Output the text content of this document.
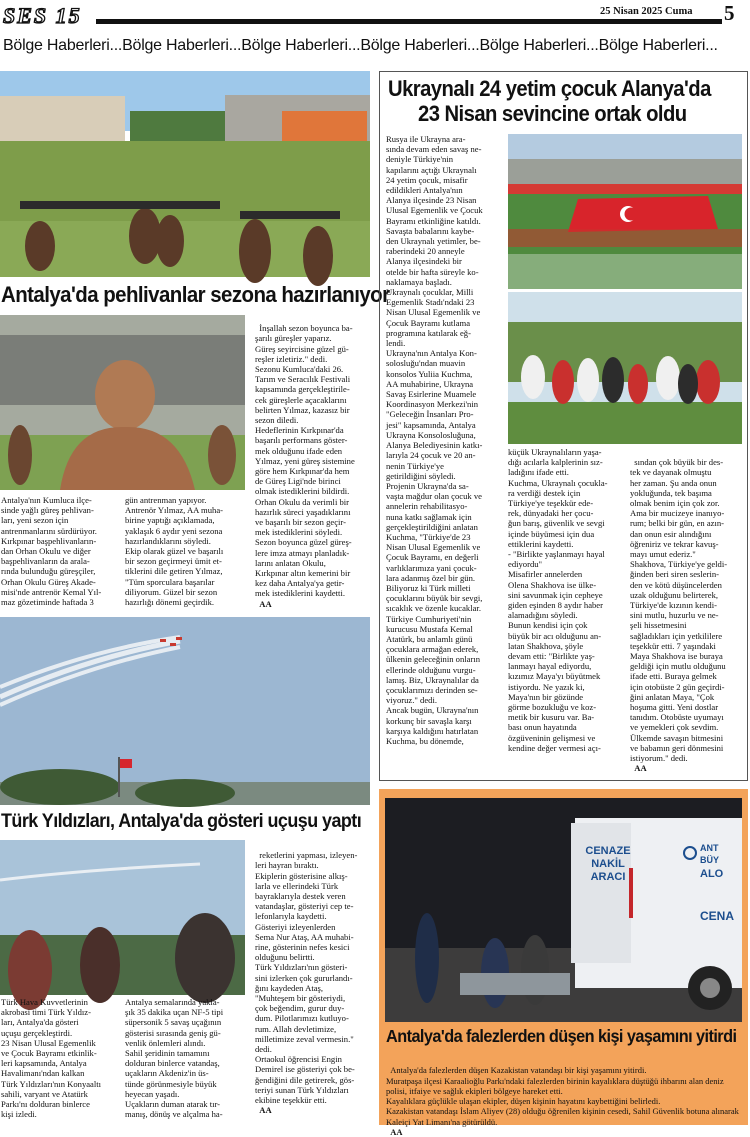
SES 15	25 Nisan 2025 Cuma 5
Bölge Haberleri...Bölge Haberleri...Bölge Haberleri...Bölge Haberleri...Bölge Haberleri...Bölge Haberleri...
Antalya'da pehlivanlar sezona hazırlanıyor
Antalya'nın Kumluca ilçe-
sinde yağlı güreş pehlivan-
ları, yeni sezon için
antrenmanlarını sürdürüyor.
Kırkpınar başpehlivanların-
dan Orhan Okulu ve diğer
başpehlivanların da arala-
rında bulunduğu güreşçiler,
Orhan Okulu Güreş Akade-
misi'nde antrenör Kemal Yıl-
maz gözetiminde haftada 3
gün antrenman yapıyor.
Antrenör Yılmaz, AA muha-
birine yaptığı açıklamada,
yaklaşık 6 aydır yeni sezona
hazırlandıklarını söyledi.
Ekip olarak güzel ve başarılı
bir sezon geçirmeyi ümit et-
tiklerini dile getiren Yılmaz,
"Tüm sporculara başarılar
diliyorum. Güzel bir sezon
hazırlığı dönemi geçirdik.

İnşallah sezon boyunca ba-
şarılı güreşler yaparız.
Güreş seyircisine güzel gü-
reşler izletiriz." dedi.
Sezonu Kumluca'daki 26.
Tarım ve Seracılık Festivali
kapsamında gerçekleştirile-
cek güreşlerle açacaklarını
belirten Yılmaz, kazasız bir
sezon diledi.
Hedeflerinin Kırkpınar'da
başarılı performans göster-
mek olduğunu ifade eden
Yılmaz, yeni güreş sistemine
göre hem Kırkpınar'da hem
de Güreş Ligi'nde birinci
olmak istediklerini bildirdi.
Orhan Okulu da verimli bir
hazırlık süreci yaşadıklarını
ve başarılı bir sezon geçir-
mek istediklerini söyledi.
Sezon boyunca güzel güreş-
lere imza atmayı planladık-
larını anlatan Okulu,
Kırkpınar altın kemerini bir
kez daha Antalya'ya getir-
mek istediklerini kaydetti.
AA

Türk Yıldızları, Antalya'da gösteri uçuşu yaptı
Türk Hava Kuvvetlerinin
akrobasi timi Türk Yıldız-
ları, Antalya'da gösteri
uçuşu gerçekleştirdi.
23 Nisan Ulusal Egemenlik
ve Çocuk Bayramı etkinlik-
leri kapsamında, Antalya
Havalimanı'ndan kalkan
Türk Yıldızları'nın Konyaaltı
sahili, varyant ve Atatürk
Parkı'nı dolduran binlerce
kişi izledi.
Antalya semalarında yakla-
şık 35 dakika uçan NF-5 tipi
süpersonik 5 savaş uçağının
gösterisi sırasında geniş gü-
venlik önlemleri alındı.
Sahil şeridinin tamamını
dolduran binlerce vatandaş,
uçakların Akdeniz'in üs-
tünde görünmesiyle büyük
heyecan yaşadı.
Uçakların duman atarak tır-
manış, dönüş ve alçalma ha-

reketlerini yapması, izleyen-
leri hayran bıraktı.
Ekiplerin gösterisine alkış-
larla ve ellerindeki Türk
bayraklarıyla destek veren
vatandaşlar, gösteriyi cep te-
lefonlarıyla kaydetti.
Gösteriyi izleyenlerden
Sema Nur Ataş, AA muhabi-
rine, gösterinin nefes kesici
olduğunu belirtti.
Türk Yıldızları'nın gösteri-
sini izlerken çok gururlandı-
ğını kaydeden Ataş,
"Muhteşem bir gösteriydi,
çok beğendim, gurur duy-
dum. Pilotlarımızı kutluyo-
rum. Allah devletimize,
milletimize zeval vermesin."
dedi.
Ortaokul öğrencisi Engin
Demirel ise gösteriyi çok be-
ğendiğini dile getirerek, gös-
teriyi sunan Türk Yıldızları
ekibine teşekkür etti.
AA

Ukraynalı 24 yetim çocuk Alanya'da
23 Nisan sevincine ortak oldu
Rusya ile Ukrayna ara-
sında devam eden savaş ne-
deniyle Türkiye'nin
kapılarını açtığı Ukraynalı
24 yetim çocuk, misafir
edildikleri Antalya'nın
Alanya ilçesinde 23 Nisan
Ulusal Egemenlik ve Çocuk
Bayramı etkinliğine katıldı.
Savaşta babalarını kaybe-
den Ukraynalı yetimler, be-
raberindeki 20 anneyle
Alanya ilçesindeki bir
otelde bir hafta süreyle ko-
naklamaya başladı.
Ukraynalı çocuklar, Milli
Egemenlik Stadı'ndaki 23
Nisan Ulusal Egemenlik ve
Çocuk Bayramı kutlama
programına katılarak eğ-
lendi.
Ukrayna'nın Antalya Kon-
solosluğu'ndan muavin
konsolos Yuliia Kuchma,
AA muhabirine, Ukrayna
Savaş Esirlerine Muamele
Koordinasyon Merkezi'nin
"Geleceğin İnsanları Pro-
jesi" kapsamında, Antalya
Ukrayna Konsolosluğuna,
Alanya Belediyesinin katkı-
larıyla 24 çocuk ve 20 an-
nenin Türkiye'ye
getirildiğini söyledi.
Projenin Ukrayna'da sa-
vaşta mağdur olan çocuk ve
annelerin rehabilitasyo-
nuna katkı sağlamak için
gerçekleştirildiğini anlatan
Kuchma, "Türkiye'de 23
Nisan Ulusal Egemenlik ve
Çocuk Bayramı, en değerli
varlıklarımıza yani çocuk-
lara adanmış özel bir gün.
Biliyoruz ki Türk milleti
çocuklarını büyük bir sevgi,
sıcaklık ve özenle kucaklar.
Türkiye Cumhuriyeti'nin
kurucusu Mustafa Kemal
Atatürk, bu anlamlı günü
çocuklara armağan ederek,
ülkenin geleceğinin onların
ellerinde olduğunu vurgu-
lamış. Biz, Ukraynalılar da
çocuklarımızı derinden se-
viyoruz." dedi.
Ancak bugün, Ukrayna'nın
korkunç bir savaşla karşı
karşıya kaldığını hatırlatan
Kuchma, bu dönemde,
küçük Ukraynalıların yaşa-
dığı acılarla kalplerinin sız-
ladığını ifade etti.
Kuchma, Ukraynalı çocukla-
ra verdiği destek için
Türkiye'ye teşekkür ede-
rek, dünyadaki her çocu-
ğun barış, güvenlik ve sevgi
içinde büyümesi için dua
ettiklerini kaydetti.
- "Birlikte yaşlanmayı hayal
ediyordu"
Misafirler annelerden
Olena Shakhova ise ülke-
sini savunmak için cepheye
giden eşinden 8 aydır haber
alamadığını söyledi.
Bunun kendisi için çok
büyük bir acı olduğunu an-
latan Shakhova, şöyle
devam etti: "Birlikte yaş-
lanmayı hayal ediyordu,
kızımız Maya'yı büyütmek
istiyordu. Ne yazık ki,
Maya'nın bir gözünde
görme bozukluğu ve koz-
metik bir kusuru var. Ba-
bası onun hayatında
özgüveninin gelişmesi ve
kendine değer vermesi açı-

sından çok büyük bir des-
tek ve dayanak olmuştu
her zaman. Şu anda onun
yokluğunda, tek başıma
olmak benim için çok zor.
Ama bir mucizeye inanıyo-
rum; belki bir gün, en azın-
dan onun esir alındığını
öğreniriz ve tekrar kavuş-
mayı umut ederiz."
Shakhova, Türkiye'ye geldi-
ğinden beri siren seslerin-
den ve kötü düşüncelerden
uzak olduğunu belirterek,
Türkiye'de kızının kendi-
sini mutlu, huzurlu ve ne-
şeli hissetmesini
sağladıkları için yetkililere
teşekkür etti. 7 yaşındaki
Maya Shakhova ise buraya
geldiği için mutlu olduğunu
ifade etti. Buraya gelmek
için otobüste 2 gün geçirdi-
ğini anlatan Maya, "Çok
hoşuma gitti. Yeni dostlar
tanıdım. Otobüste uyumayı
ve yemekleri çok sevdim.
Ülkemde savaşın bitmesini
ve babamın geri dönmesini
istiyorum." dedi.
AA

CENAZE
NAKİL
ARACI
ANT
BÜY
ALO
CENA
Antalya'da falezlerden düşen kişi yaşamını yitirdi

Antalya'da falezlerden düşen Kazakistan vatandaşı bir kişi yaşamını yitirdi.
Muratpaşa ilçesi Karaalioğlu Parkı'ndaki falezlerden birinin kayalıklara düştüğü ihbarını alan deniz polisi, itfaiye ve sağlık ekipleri bölgeye hareket etti.
Kayalıklara güçlükle ulaşan ekipler, düşen kişinin hayatını kaybettiğini belirledi.
Kazakistan vatandaşı İslam Aliyev (28) olduğu öğrenilen kişinin cesedi, Sahil Güvenlik botuna alınarak Kaleiçi Yat Limanı'na götürüldü.
AA
